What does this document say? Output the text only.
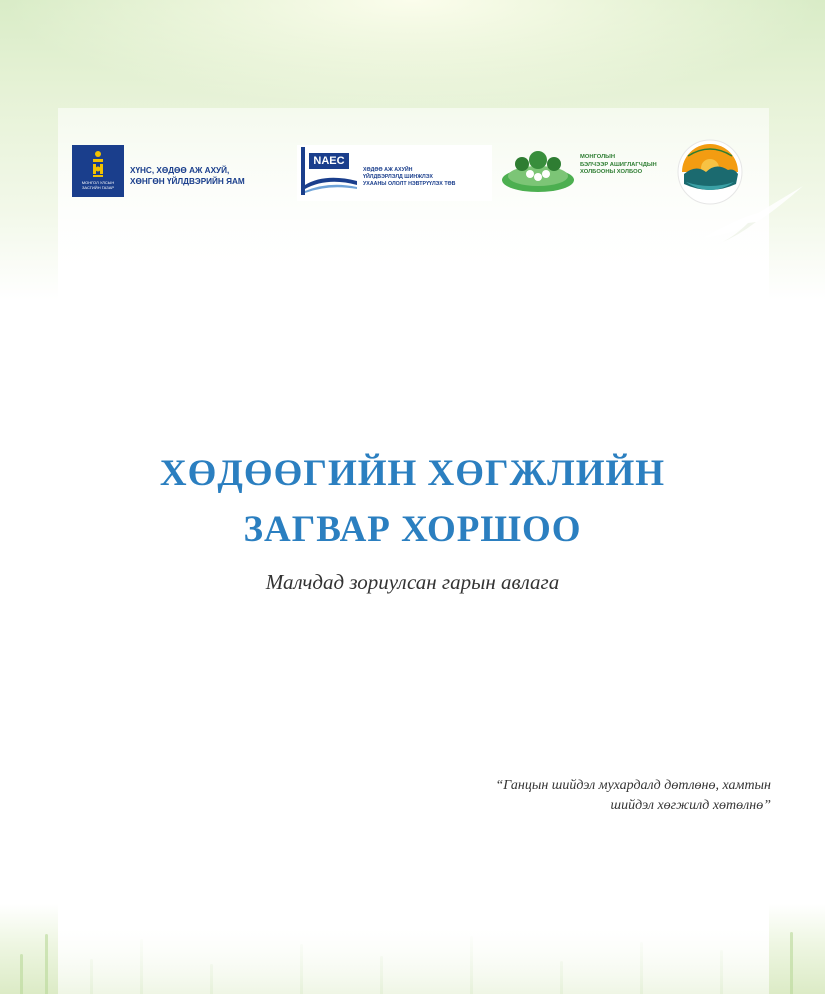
МОНГОЛ УЛСЫН ЗАСГИЙН ГАЗАР
ХҮНС, ХӨДӨӨ АЖ АХУЙ,
ХӨНГӨН ҮЙЛДВЭРИЙН ЯАМ
NAEC
ХӨДӨӨ АЖ АХУЙН
ҮЙЛДВЭРЛЭЛД ШИНЖЛЭХ
УХААНЫ ОЛОЛТ НЭВТРҮҮЛЭХ ТӨВ
МОНГОЛЫН
БЭЛЧЭЭР АШИГЛАГЧДЫН
ХОЛБООНЫ ХОЛБОО
ХӨДӨӨГИЙН ХӨГЖЛИЙН
ЗАГВАР ХОРШОО
Малчдад зориулсан гарын авлага
“Ганцын шийдэл мухардалд дөтлөнө, хамтын
шийдэл хөгжилд хөтөлнө”
